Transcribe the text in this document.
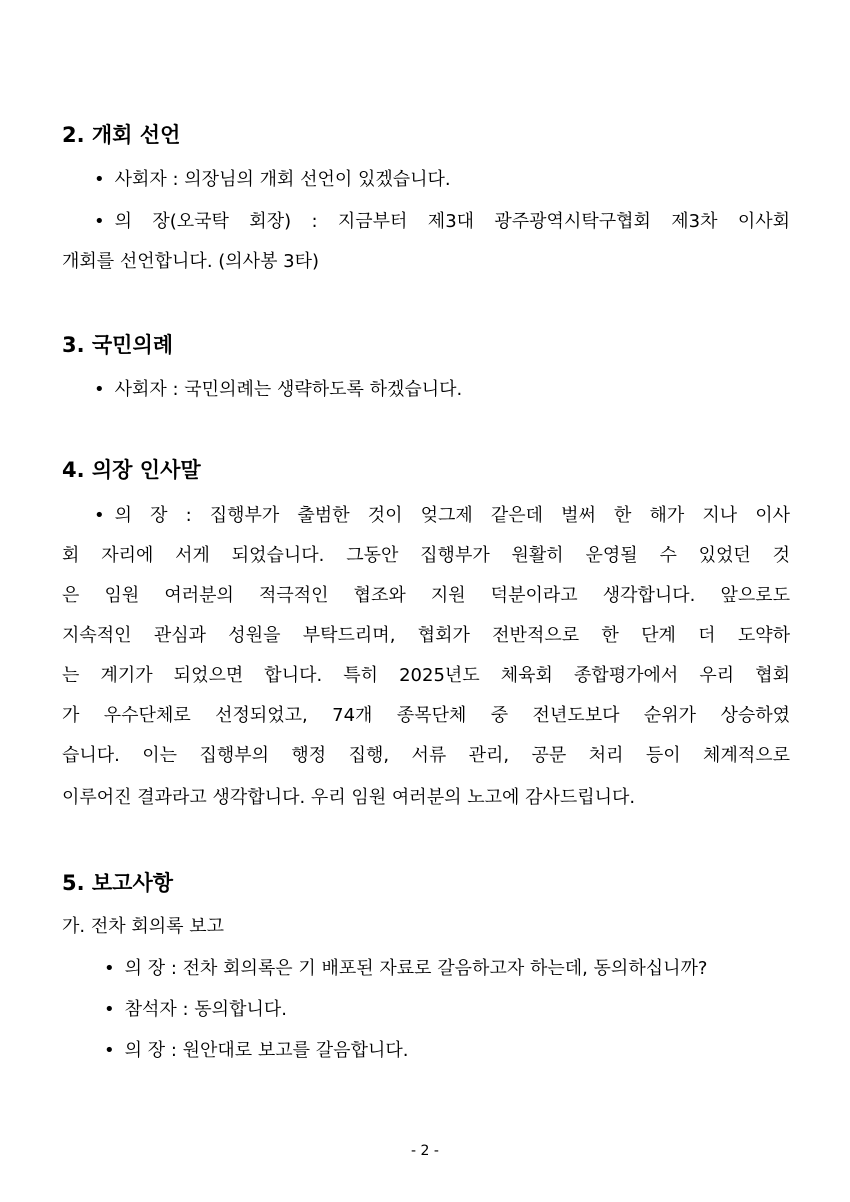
2. 개회 선언
• 사회자 : 의장님의 개회 선언이 있겠습니다.
• 의 장(오국탁 회장) : 지금부터 제3대 광주광역시탁구협회 제3차 이사회
개회를 선언합니다. (의사봉 3타)
3. 국민의례
• 사회자 : 국민의례는 생략하도록 하겠습니다.
4. 의장 인사말
• 의 장 : 집행부가 출범한 것이 엊그제 같은데 벌써 한 해가 지나 이사
회 자리에 서게 되었습니다. 그동안 집행부가 원활히 운영될 수 있었던 것
은 임원 여러분의 적극적인 협조와 지원 덕분이라고 생각합니다. 앞으로도
지속적인 관심과 성원을 부탁드리며, 협회가 전반적으로 한 단계 더 도약하
는 계기가 되었으면 합니다. 특히 2025년도 체육회 종합평가에서 우리 협회
가 우수단체로 선정되었고, 74개 종목단체 중 전년도보다 순위가 상승하였
습니다. 이는 집행부의 행정 집행, 서류 관리, 공문 처리 등이 체계적으로
이루어진 결과라고 생각합니다. 우리 임원 여러분의 노고에 감사드립니다.
5. 보고사항
가. 전차 회의록 보고
• 의 장 : 전차 회의록은 기 배포된 자료로 갈음하고자 하는데, 동의하십니까?
• 참석자 : 동의합니다.
• 의 장 : 원안대로 보고를 갈음합니다.
- 2 -
